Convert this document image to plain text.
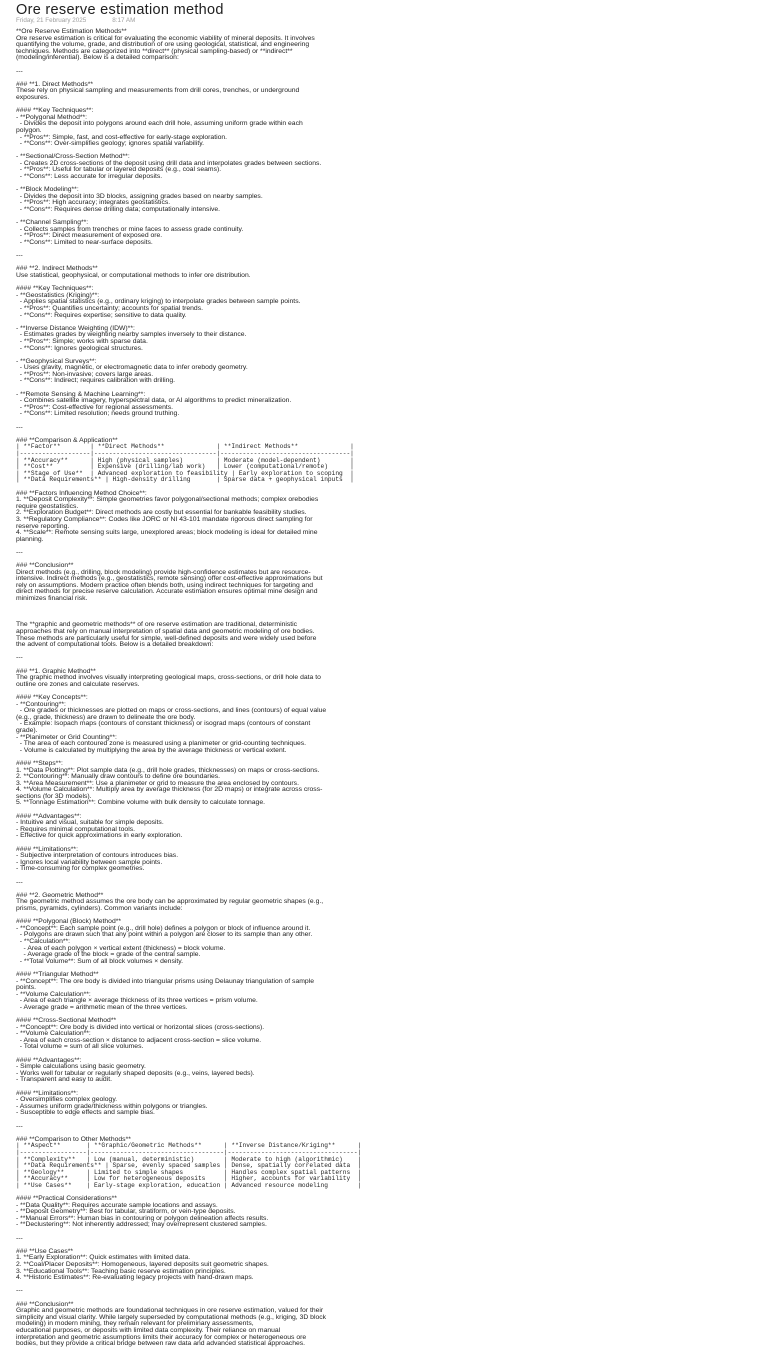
Ore reserve estimation method
Friday, 21 February 2025	8:17 AM
**Ore Reserve Estimation Methods**
Ore reserve estimation is critical for evaluating the economic viability of mineral deposits. It involves
quantifying the volume, grade, and distribution of ore using geological, statistical, and engineering
techniques. Methods are categorized into **direct** (physical sampling-based) or **indirect**
(modeling/inferential). Below is a detailed comparison:
---
### **1. Direct Methods**
These rely on physical sampling and measurements from drill cores, trenches, or underground
exposures.
#### **Key Techniques**:
- **Polygonal Method**:
- Divides the deposit into polygons around each drill hole, assuming uniform grade within each
polygon.
- **Pros**: Simple, fast, and cost-effective for early-stage exploration.
- **Cons**: Over-simplifies geology; ignores spatial variability.
- **Sectional/Cross-Section Method**:
- Creates 2D cross-sections of the deposit using drill data and interpolates grades between sections.
- **Pros**: Useful for tabular or layered deposits (e.g., coal seams).
- **Cons**: Less accurate for irregular deposits.
- **Block Modeling**:
- Divides the deposit into 3D blocks, assigning grades based on nearby samples.
- **Pros**: High accuracy; integrates geostatistics.
- **Cons**: Requires dense drilling data; computationally intensive.
- **Channel Sampling**:
- Collects samples from trenches or mine faces to assess grade continuity.
- **Pros**: Direct measurement of exposed ore.
- **Cons**: Limited to near-surface deposits.
---
### **2. Indirect Methods**
Use statistical, geophysical, or computational methods to infer ore distribution.
#### **Key Techniques**:
- **Geostatistics (Kriging)**:
- Applies spatial statistics (e.g., ordinary kriging) to interpolate grades between sample points.
- **Pros**: Quantifies uncertainty; accounts for spatial trends.
- **Cons**: Requires expertise; sensitive to data quality.
- **Inverse Distance Weighting (IDW)**:
- Estimates grades by weighting nearby samples inversely to their distance.
- **Pros**: Simple; works with sparse data.
- **Cons**: Ignores geological structures.
- **Geophysical Surveys**:
- Uses gravity, magnetic, or electromagnetic data to infer orebody geometry.
- **Pros**: Non-invasive; covers large areas.
- **Cons**: Indirect; requires calibration with drilling.
- **Remote Sensing & Machine Learning**:
- Combines satellite imagery, hyperspectral data, or AI algorithms to predict mineralization.
- **Pros**: Cost-effective for regional assessments.
- **Cons**: Limited resolution; needs ground truthing.
---
### **Comparison & Application**
| **Factor**        | **Direct Methods**              | **Indirect Methods**              |
|-------------------|---------------------------------|-----------------------------------|
| **Accuracy**      | High (physical samples)         | Moderate (model-dependent)        |
| **Cost**          | Expensive (drilling/lab work)   | Lower (computational/remote)      |
| **Stage of Use**  | Advanced exploration to feasibility | Early exploration to scoping  |
| **Data Requirements** | High-density drilling       | Sparse data + geophysical inputs  |
### **Factors Influencing Method Choice**:
1. **Deposit Complexity**: Simple geometries favor polygonal/sectional methods; complex orebodies
require geostatistics.
2. **Exploration Budget**: Direct methods are costly but essential for bankable feasibility studies.
3. **Regulatory Compliance**: Codes like JORC or NI 43-101 mandate rigorous direct sampling for
reserve reporting.
4. **Scale**: Remote sensing suits large, unexplored areas; block modeling is ideal for detailed mine
planning.
---
### **Conclusion**
Direct methods (e.g., drilling, block modeling) provide high-confidence estimates but are resource-
intensive. Indirect methods (e.g., geostatistics, remote sensing) offer cost-effective approximations but
rely on assumptions. Modern practice often blends both, using indirect techniques for targeting and
direct methods for precise reserve calculation. Accurate estimation ensures optimal mine design and
minimizes financial risk.
The **graphic and geometric methods** of ore reserve estimation are traditional, deterministic
approaches that rely on manual interpretation of spatial data and geometric modeling of ore bodies.
These methods are particularly useful for simple, well-defined deposits and were widely used before
the advent of computational tools. Below is a detailed breakdown:
---
### **1. Graphic Method**
The graphic method involves visually interpreting geological maps, cross-sections, or drill hole data to
outline ore zones and calculate reserves.
#### **Key Concepts**:
- **Contouring**:
- Ore grades or thicknesses are plotted on maps or cross-sections, and lines (contours) of equal value
(e.g., grade, thickness) are drawn to delineate the ore body.
- Example: Isopach maps (contours of constant thickness) or isograd maps (contours of constant
grade).
- **Planimeter or Grid Counting**:
- The area of each contoured zone is measured using a planimeter or grid-counting techniques.
- Volume is calculated by multiplying the area by the average thickness or vertical extent.
#### **Steps**:
1. **Data Plotting**: Plot sample data (e.g., drill hole grades, thicknesses) on maps or cross-sections.
2. **Contouring**: Manually draw contours to define ore boundaries.
3. **Area Measurement**: Use a planimeter or grid to measure the area enclosed by contours.
4. **Volume Calculation**: Multiply area by average thickness (for 2D maps) or integrate across cross-
sections (for 3D models).
5. **Tonnage Estimation**: Combine volume with bulk density to calculate tonnage.
#### **Advantages**:
- Intuitive and visual, suitable for simple deposits.
- Requires minimal computational tools.
- Effective for quick approximations in early exploration.
#### **Limitations**:
- Subjective interpretation of contours introduces bias.
- Ignores local variability between sample points.
- Time-consuming for complex geometries.
---
### **2. Geometric Method**
The geometric method assumes the ore body can be approximated by regular geometric shapes (e.g.,
prisms, pyramids, cylinders). Common variants include:
#### **Polygonal (Block) Method**
- **Concept**: Each sample point (e.g., drill hole) defines a polygon or block of influence around it.
- Polygons are drawn such that any point within a polygon are closer to its sample than any other.
- **Calculation**:
- Area of each polygon × vertical extent (thickness) = block volume.
- Average grade of the block = grade of the central sample.
- **Total Volume**: Sum of all block volumes × density.
#### **Triangular Method**
- **Concept**: The ore body is divided into triangular prisms using Delaunay triangulation of sample
points.
- **Volume Calculation**:
- Area of each triangle × average thickness of its three vertices = prism volume.
- Average grade = arithmetic mean of the three vertices.
#### **Cross-Sectional Method**
- **Concept**: Ore body is divided into vertical or horizontal slices (cross-sections).
- **Volume Calculation**:
- Area of each cross-section × distance to adjacent cross-section = slice volume.
- Total volume = sum of all slice volumes.
#### **Advantages**:
- Simple calculations using basic geometry.
- Works well for tabular or regularly shaped deposits (e.g., veins, layered beds).
- Transparent and easy to audit.
#### **Limitations**:
- Oversimplifies complex geology.
- Assumes uniform grade/thickness within polygons or triangles.
- Susceptible to edge effects and sample bias.
---
### **Comparison to Other Methods**
| **Aspect**       | **Graphic/Geometric Methods**      | **Inverse Distance/Kriging**      |
|------------------|------------------------------------|-----------------------------------|
| **Complexity**   | Low (manual, deterministic)        | Moderate to high (algorithmic)    |
| **Data Requirements** | Sparse, evenly spaced samples | Dense, spatially correlated data  |
| **Geology**      | Limited to simple shapes           | Handles complex spatial patterns  |
| **Accuracy**     | Low for heterogeneous deposits     | Higher, accounts for variability  |
| **Use Cases**    | Early-stage exploration, education | Advanced resource modeling        |
#### **Practical Considerations**
- **Data Quality**: Requires accurate sample locations and assays.
- **Deposit Geometry**: Best for tabular, stratiform, or vein-type deposits.
- **Manual Errors**: Human bias in contouring or polygon delineation affects results.
- **Declustering**: Not inherently addressed; may overrepresent clustered samples.
---
### **Use Cases**
1. **Early Exploration**: Quick estimates with limited data.
2. **Coal/Placer Deposits**: Homogeneous, layered deposits suit geometric shapes.
3. **Educational Tools**: Teaching basic reserve estimation principles.
4. **Historic Estimates**: Re-evaluating legacy projects with hand-drawn maps.
---
### **Conclusion**
Graphic and geometric methods are foundational techniques in ore reserve estimation, valued for their
simplicity and visual clarity. While largely superseded by computational methods (e.g., kriging, 3D block
modeling) in modern mining, they remain relevant for preliminary assessments,
educational purposes, or deposits with limited data complexity. Their reliance on manual
interpretation and geometric assumptions limits their accuracy for complex or heterogeneous ore
bodies, but they provide a critical bridge between raw data and advanced statistical approaches.
